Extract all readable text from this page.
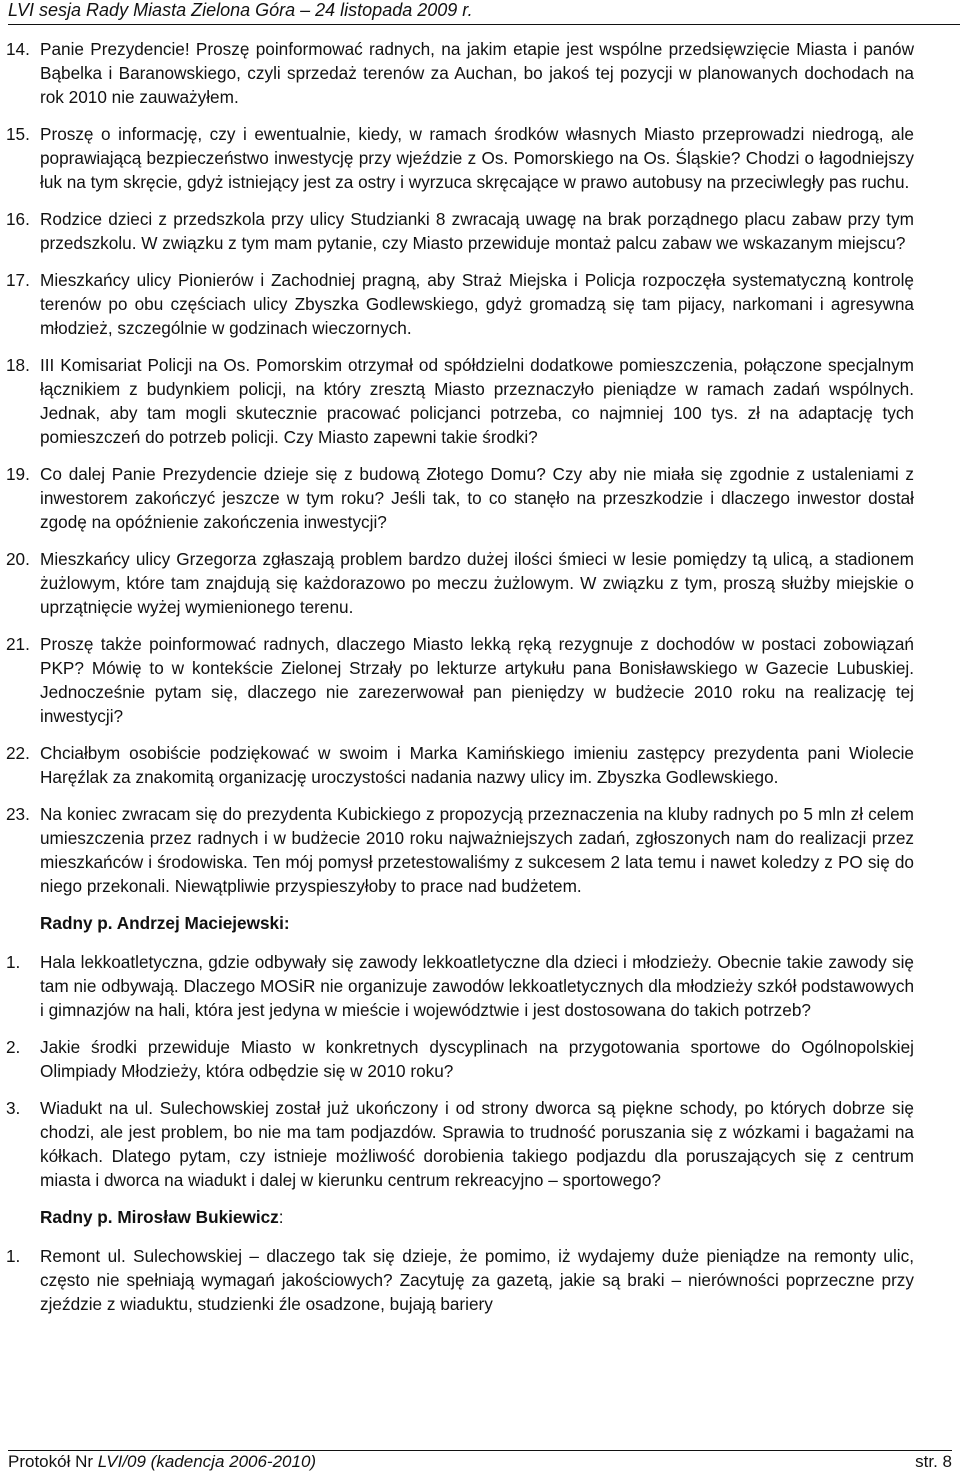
LVI sesja Rady Miasta Zielona Góra – 24 listopada 2009 r.
14. Panie Prezydencie! Proszę poinformować radnych, na jakim etapie jest wspólne przedsięwzięcie Miasta i panów Bąbelka i Baranowskiego, czyli sprzedaż terenów za Auchan, bo jakoś tej pozycji w planowanych dochodach na rok 2010 nie zauważyłem.
15. Proszę o informację, czy i ewentualnie, kiedy, w ramach środków własnych Miasto przeprowadzi niedrogą, ale poprawiającą bezpieczeństwo inwestycję przy wjeździe z Os. Pomorskiego na Os. Śląskie? Chodzi o łagodniejszy łuk na tym skręcie, gdyż istniejący jest za ostry i wyrzuca skręcające w prawo autobusy na przeciwległy pas ruchu.
16. Rodzice dzieci z przedszkola przy ulicy Studzianki 8 zwracają uwagę na brak porządnego placu zabaw przy tym przedszkolu. W związku z tym mam pytanie, czy Miasto przewiduje montaż palcu zabaw we wskazanym miejscu?
17. Mieszkańcy ulicy Pionierów i Zachodniej pragną, aby Straż Miejska i Policja rozpoczęła systematyczną kontrolę terenów po obu częściach ulicy Zbyszka Godlewskiego, gdyż gromadzą się tam pijacy, narkomani i agresywna młodzież, szczególnie w godzinach wieczornych.
18. III Komisariat Policji na Os. Pomorskim otrzymał od spółdzielni dodatkowe pomieszczenia, połączone specjalnym łącznikiem z budynkiem policji, na który zresztą Miasto przeznaczyło pieniądze w ramach zadań wspólnych. Jednak, aby tam mogli skutecznie pracować policjanci potrzeba, co najmniej 100 tys. zł na adaptację tych pomieszczeń do potrzeb policji. Czy Miasto zapewni takie środki?
19. Co dalej Panie Prezydencie dzieje się z budową Złotego Domu? Czy aby nie miała się zgodnie z ustaleniami z inwestorem zakończyć jeszcze w tym roku? Jeśli tak, to co stanęło na przeszkodzie i dlaczego inwestor dostał zgodę na opóźnienie zakończenia inwestycji?
20. Mieszkańcy ulicy Grzegorza zgłaszają problem bardzo dużej ilości śmieci w lesie pomiędzy tą ulicą, a stadionem żużlowym, które tam znajdują się każdorazowo po meczu żużlowym. W związku z tym, proszą służby miejskie o uprzątnięcie wyżej wymienionego terenu.
21. Proszę także poinformować radnych, dlaczego Miasto lekką ręką rezygnuje z dochodów w postaci zobowiązań PKP? Mówię to w kontekście Zielonej Strzały po lekturze artykułu pana Bonisławskiego w Gazecie Lubuskiej. Jednocześnie pytam się, dlaczego nie zarezerwował pan pieniędzy w budżecie 2010 roku na realizację tej inwestycji?
22. Chciałbym osobiście podziękować w swoim i Marka Kamińskiego imieniu zastępcy prezydenta pani Wiolecie Haręźlak za znakomitą organizację uroczystości nadania nazwy ulicy im. Zbyszka Godlewskiego.
23. Na koniec zwracam się do prezydenta Kubickiego z propozycją przeznaczenia na kluby radnych po 5 mln zł celem umieszczenia przez radnych i w budżecie 2010 roku najważniejszych zadań, zgłoszonych nam do realizacji przez mieszkańców i środowiska. Ten mój pomysł przetestowaliśmy z sukcesem 2 lata temu i nawet koledzy z PO się do niego przekonali. Niewątpliwie przyspieszyłoby to prace nad budżetem.
Radny p. Andrzej Maciejewski:
1.	Hala lekkoatletyczna, gdzie odbywały się zawody lekkoatletyczne dla dzieci i młodzieży. Obecnie takie zawody się tam nie odbywają. Dlaczego MOSiR nie organizuje zawodów lekkoatletycznych dla młodzieży szkół podstawowych i gimnazjów na hali, która jest jedyna w mieście i województwie i jest dostosowana do takich potrzeb?
2.	Jakie środki przewiduje Miasto w konkretnych dyscyplinach na przygotowania sportowe do Ogólnopolskiej Olimpiady Młodzieży, która odbędzie się w 2010 roku?
3.	Wiadukt na ul. Sulechowskiej został już ukończony i od strony dworca są piękne schody, po których dobrze się chodzi, ale jest problem, bo nie ma tam podjazdów. Sprawia to trudność poruszania się z wózkami i bagażami na kółkach. Dlatego pytam, czy istnieje możliwość dorobienia takiego podjazdu dla poruszających się z centrum miasta i dworca na wiadukt i dalej w kierunku centrum rekreacyjno – sportowego?
Radny p. Mirosław Bukiewicz:
1.	Remont ul. Sulechowskiej – dlaczego tak się dzieje, że pomimo, iż wydajemy duże pieniądze na remonty ulic, często nie spełniają wymagań jakościowych? Zacytuję za gazetą, jakie są braki – nierówności poprzeczne przy zjeździe z wiaduktu, studzienki źle osadzone, bujają bariery
Protokół Nr LVI/09 (kadencja 2006-2010)	str. 8
